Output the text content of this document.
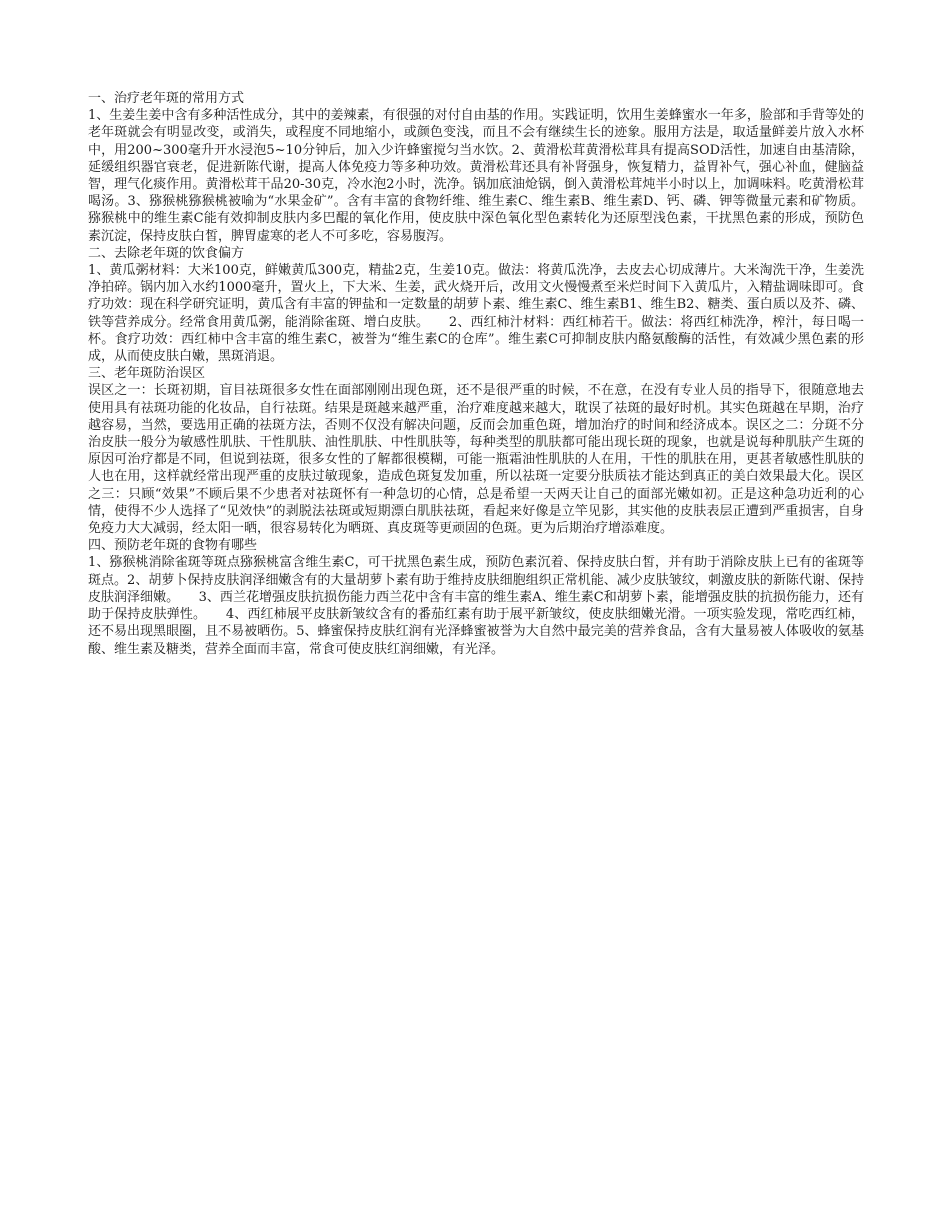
一、治疗老年斑的常用方式

1、生姜生姜中含有多种活性成分，其中的姜辣素，有很强的对付自由基的作用。实践证明，饮用生姜蜂蜜水一年多，脸部和手背等处的老年斑就会有明显改变，或消失，或程度不同地缩小，或颜色变浅，而且不会有继续生长的迹象。服用方法是，取适量鲜姜片放入水杯中，用200~300毫升开水浸泡5~10分钟后，加入少许蜂蜜搅匀当水饮。2、黄滑松茸黄滑松茸具有提高SOD活性，加速自由基清除，延缓组织器官衰老，促进新陈代谢，提高人体免疫力等多种功效。黄滑松茸还具有补肾强身，恢复精力，益胃补气，强心补血，健脑益智，理气化痰作用。黄滑松茸干品20-30克，冷水泡2小时，洗净。锅加底油炝锅，倒入黄滑松茸炖半小时以上，加调味料。吃黄滑松茸喝汤。3、猕猴桃猕猴桃被喻为“水果金矿”。含有丰富的食物纤维、维生素C、维生素B、维生素D、钙、磷、钾等微量元素和矿物质。猕猴桃中的维生素C能有效抑制皮肤内多巴醌的氧化作用，使皮肤中深色氧化型色素转化为还原型浅色素，干扰黑色素的形成，预防色素沉淀，保持皮肤白皙，脾胃虚寒的老人不可多吃，容易腹泻。

二、去除老年斑的饮食偏方

1、黄瓜粥材料：大米100克，鲜嫩黄瓜300克，精盐2克，生姜10克。做法：将黄瓜洗净，去皮去心切成薄片。大米淘洗干净，生姜洗净拍碎。锅内加入水约1000毫升，置火上，下大米、生姜，武火烧开后，改用文火慢慢煮至米烂时间下入黄瓜片，入精盐调味即可。食疗功效：现在科学研究证明，黄瓜含有丰富的钾盐和一定数量的胡萝卜素、维生素C、维生素B1、维生B2、糖类、蛋白质以及芥、磷、铁等营养成分。经常食用黄瓜粥，能消除雀斑、增白皮肤。　　2、西红柿汁材料：西红柿若干。做法：将西红柿洗净，榨汁，每日喝一杯。食疗功效：西红柿中含丰富的维生素C，被誉为“维生素C的仓库”。维生素C可抑制皮肤内酪氨酸酶的活性，有效减少黑色素的形成，从而使皮肤白嫩，黑斑消退。

三、老年斑防治误区

误区之一：长斑初期，盲目祛斑很多女性在面部刚刚出现色斑，还不是很严重的时候，不在意，在没有专业人员的指导下，很随意地去使用具有祛斑功能的化妆品，自行祛斑。结果是斑越来越严重，治疗难度越来越大，耽误了祛斑的最好时机。其实色斑越在早期，治疗越容易，当然，要选用正确的祛斑方法，否则不仅没有解决问题，反而会加重色斑，增加治疗的时间和经济成本。误区之二：分斑不分治皮肤一般分为敏感性肌肤、干性肌肤、油性肌肤、中性肌肤等，每种类型的肌肤都可能出现长斑的现象，也就是说每种肌肤产生斑的原因可治疗都是不同，但说到祛斑，很多女性的了解都很模糊，可能一瓶霜油性肌肤的人在用，干性的肌肤在用，更甚者敏感性肌肤的人也在用，这样就经常出现严重的皮肤过敏现象，造成色斑复发加重，所以祛斑一定要分肤质祛才能达到真正的美白效果最大化。误区之三：只顾“效果”不顾后果不少患者对祛斑怀有一种急切的心情，总是希望一天两天让自己的面部光嫩如初。正是这种急功近利的心情，使得不少人选择了“见效快”的剥脱法祛斑或短期漂白肌肤祛斑，看起来好像是立竿见影，其实他的皮肤表层正遭到严重损害，自身免疫力大大减弱，经太阳一晒，很容易转化为晒斑、真皮斑等更顽固的色斑。更为后期治疗增添难度。

四、预防老年斑的食物有哪些

1、猕猴桃消除雀斑等斑点猕猴桃富含维生素C，可干扰黑色素生成，预防色素沉着、保持皮肤白皙，并有助于消除皮肤上已有的雀斑等斑点。2、胡萝卜保持皮肤润泽细嫩含有的大量胡萝卜素有助于维持皮肤细胞组织正常机能、减少皮肤皱纹，刺激皮肤的新陈代谢、保持皮肤润泽细嫩。　　3、西兰花增强皮肤抗损伤能力西兰花中含有丰富的维生素A、维生素C和胡萝卜素，能增强皮肤的抗损伤能力，还有助于保持皮肤弹性。　　4、西红柿展平皮肤新皱纹含有的番茄红素有助于展平新皱纹，使皮肤细嫩光滑。一项实验发现，常吃西红柿，还不易出现黑眼圈，且不易被晒伤。5、蜂蜜保持皮肤红润有光泽蜂蜜被誉为大自然中最完美的营养食品，含有大量易被人体吸收的氨基酸、维生素及糖类，营养全面而丰富，常食可使皮肤红润细嫩，有光泽。
